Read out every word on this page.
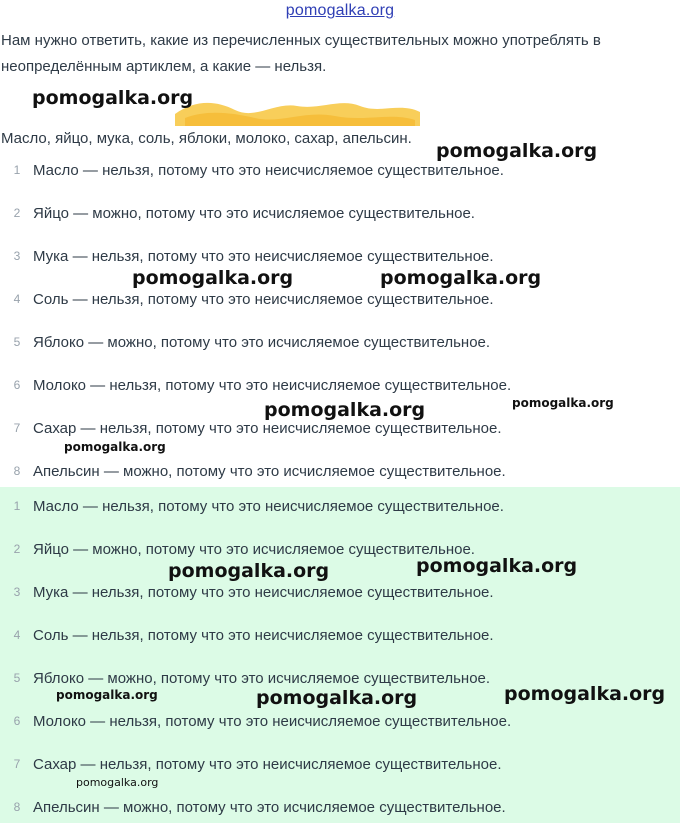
pomogalka.org
Нам нужно ответить, какие из перечисленных существительных можно употреблять в неопределённым артиклем, а какие — нельзя.
Масло, яйцо, мука, соль, яблоки, молоко, сахар, апельсин.
1 Масло — нельзя, потому что это неисчисляемое существительное.
2 Яйцо — можно, потому что это исчисляемое существительное.
3 Мука — нельзя, потому что это неисчисляемое существительное.
4 Соль — нельзя, потому что это неисчисляемое существительное.
5 Яблоко — можно, потому что это исчисляемое существительное.
6 Молоко — нельзя, потому что это неисчисляемое существительное.
7 Сахар — нельзя, потому что это неисчисляемое существительное.
8 Апельсин — можно, потому что это исчисляемое существительное.
1 Масло — нельзя, потому что это неисчисляемое существительное.
2 Яйцо — можно, потому что это исчисляемое существительное.
3 Мука — нельзя, потому что это неисчисляемое существительное.
4 Соль — нельзя, потому что это неисчисляемое существительное.
5 Яблоко — можно, потому что это исчисляемое существительное.
6 Молоко — нельзя, потому что это неисчисляемое существительное.
7 Сахар — нельзя, потому что это неисчисляемое существительное.
8 Апельсин — можно, потому что это исчисляемое существительное.
pomogalka.org
pomogalka.org
pomogalka.org	pomogalka.org
pomogalka.org	pomogalka.org
pomogalka.org
pomogalka.org	pomogalka.org
pomogalka.org	pomogalka.org	pomogalka.org
pomogalka.org
